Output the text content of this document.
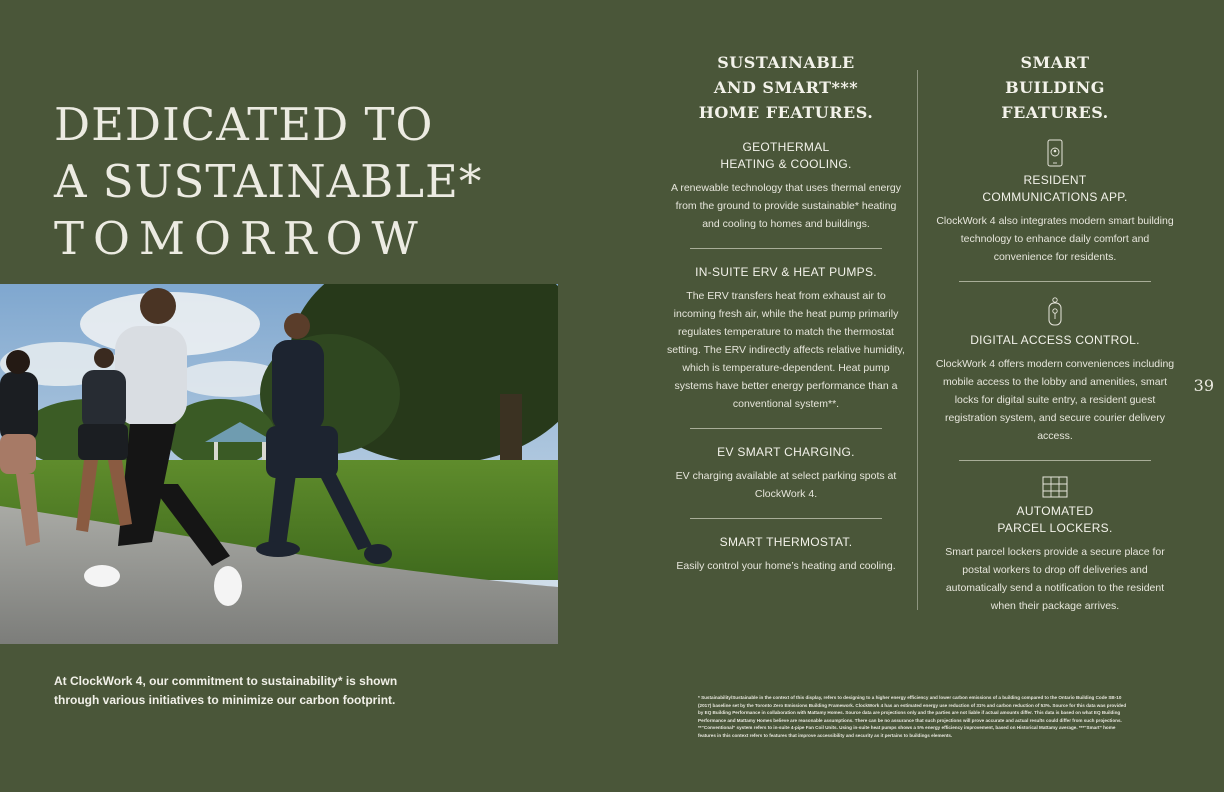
DEDICATED TO
A SUSTAINABLE*
TOMORROW

At ClockWork 4, our commitment to sustainability* is shown through various initiatives to minimize our carbon footprint.

SUSTAINABLE
AND SMART***
HOME FEATURES.
GEOTHERMAL
HEATING & COOLING.

A renewable technology that uses thermal energy from the ground to provide sustainable* heating and cooling to homes and buildings.

IN-SUITE ERV & HEAT PUMPS.

The ERV transfers heat from exhaust air to incoming fresh air, while the heat pump primarily regulates temperature to match the thermostat setting. The ERV indirectly affects relative humidity, which is temperature-dependent. Heat pump systems have better energy performance than a conventional system**.

EV SMART CHARGING.

EV charging available at select parking spots at ClockWork 4.

SMART THERMOSTAT.

Easily control your home’s heating and cooling.

SMART
BUILDING
FEATURES.
RESIDENT
COMMUNICATIONS APP.

ClockWork 4 also integrates modern smart building technology to enhance daily comfort and convenience for residents.

DIGITAL ACCESS CONTROL.

ClockWork 4 offers modern conveniences including mobile access to the lobby and amenities, smart locks for digital suite entry, a resident guest registration system, and secure courier delivery access.

AUTOMATED
PARCEL LOCKERS.

Smart parcel lockers provide a secure place for postal workers to drop off deliveries and automatically send a notification to the resident when their package arrives.

39

* Sustainability/Sustainable in the context of this display, refers to designing to a higher energy efficiency and lower carbon emissions of a building compared to the Ontario Building Code SB-10 (2017) baseline set by the Toronto Zero Emissions Building Framework. ClockWork 4 has an estimated energy use reduction of 31% and carbon reduction of 53%. Source for this data was provided by EQ Building Performance in collaboration with Mattamy Homes. Source data are projections only and the parties are not liable if actual amounts differ. This data is based on what EQ Building Performance and Mattamy Homes believe are reasonable assumptions. There can be no assurance that such projections will prove accurate and actual results could differ from such projections. **“Conventional” system refers to in-suite 4-pipe Fan Coil Units. Using in-suite heat pumps shows a 5% energy efficiency improvement, based on Historical Mattamy average. ***“Smart” home features in this context refers to features that improve accessibility and security as it pertains to buildings elements.
